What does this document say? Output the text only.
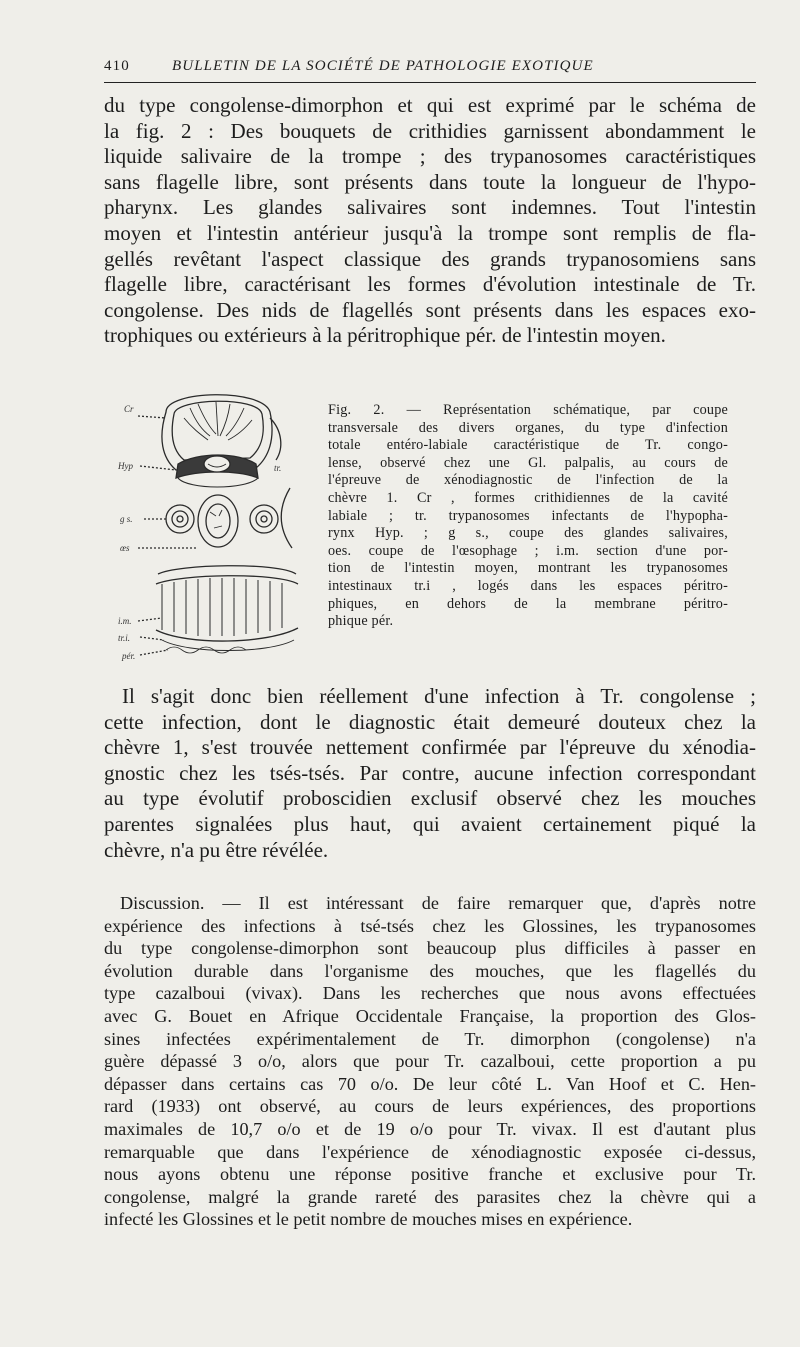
410	BULLETIN DE LA SOCIÉTÉ DE PATHOLOGIE EXOTIQUE
du type congolense-dimorphon et qui est exprimé par le schéma de
la fig. 2 : Des bouquets de crithidies garnissent abondamment le
liquide salivaire de la trompe ; des trypanosomes caractéristiques
sans flagelle libre, sont présents dans toute la longueur de l'hypo-
pharynx. Les glandes salivaires sont indemnes. Tout l'intestin
moyen et l'intestin antérieur jusqu'à la trompe sont remplis de fla-
gellés revêtant l'aspect classique des grands trypanosomiens sans
flagelle libre, caractérisant les formes d'évolution intestinale de Tr.
congolense. Des nids de flagellés sont présents dans les espaces exo-
trophiques ou extérieurs à la péritrophique pér. de l'intestin moyen.
Cr
Hyp	tr.
g s.
œs
i.m.
tr.i.
pér.
Fig. 2. — Représentation schématique, par coupe
transversale des divers organes, du type d'infection
totale entéro-labiale caractéristique de Tr. congo-
lense, observé chez une Gl. palpalis, au cours de
l'épreuve de xénodiagnostic de l'infection de la
chèvre 1. Cr , formes crithidiennes de la cavité
labiale ; tr. trypanosomes infectants de l'hypopha-
rynx Hyp. ; g s., coupe des glandes salivaires,
oes. coupe de l'œsophage ; i.m. section d'une por-
tion de l'intestin moyen, montrant les trypanosomes
intestinaux tr.i , logés dans les espaces péritro-
phiques, en dehors de la membrane péritro-
phique pér.
Il s'agit donc bien réellement d'une infection à Tr. congolense ;
cette infection, dont le diagnostic était demeuré douteux chez la
chèvre 1, s'est trouvée nettement confirmée par l'épreuve du xénodia-
gnostic chez les tsés-tsés. Par contre, aucune infection correspondant
au type évolutif proboscidien exclusif observé chez les mouches
parentes signalées plus haut, qui avaient certainement piqué la
chèvre, n'a pu être révélée.
Discussion. — Il est intéressant de faire remarquer que, d'après notre
expérience des infections à tsé-tsés chez les Glossines, les trypanosomes
du type congolense-dimorphon sont beaucoup plus difficiles à passer en
évolution durable dans l'organisme des mouches, que les flagellés du
type cazalboui (vivax). Dans les recherches que nous avons effectuées
avec G. Bouet en Afrique Occidentale Française, la proportion des Glos-
sines infectées expérimentalement de Tr. dimorphon (congolense) n'a
guère dépassé 3 o/o, alors que pour Tr. cazalboui, cette proportion a pu
dépasser dans certains cas 70 o/o. De leur côté L. Van Hoof et C. Hen-
rard (1933) ont observé, au cours de leurs expériences, des proportions
maximales de 10,7 o/o et de 19 o/o pour Tr. vivax. Il est d'autant plus
remarquable que dans l'expérience de xénodiagnostic exposée ci-dessus,
nous ayons obtenu une réponse positive franche et exclusive pour Tr.
congolense, malgré la grande rareté des parasites chez la chèvre qui a
infecté les Glossines et le petit nombre de mouches mises en expérience.
